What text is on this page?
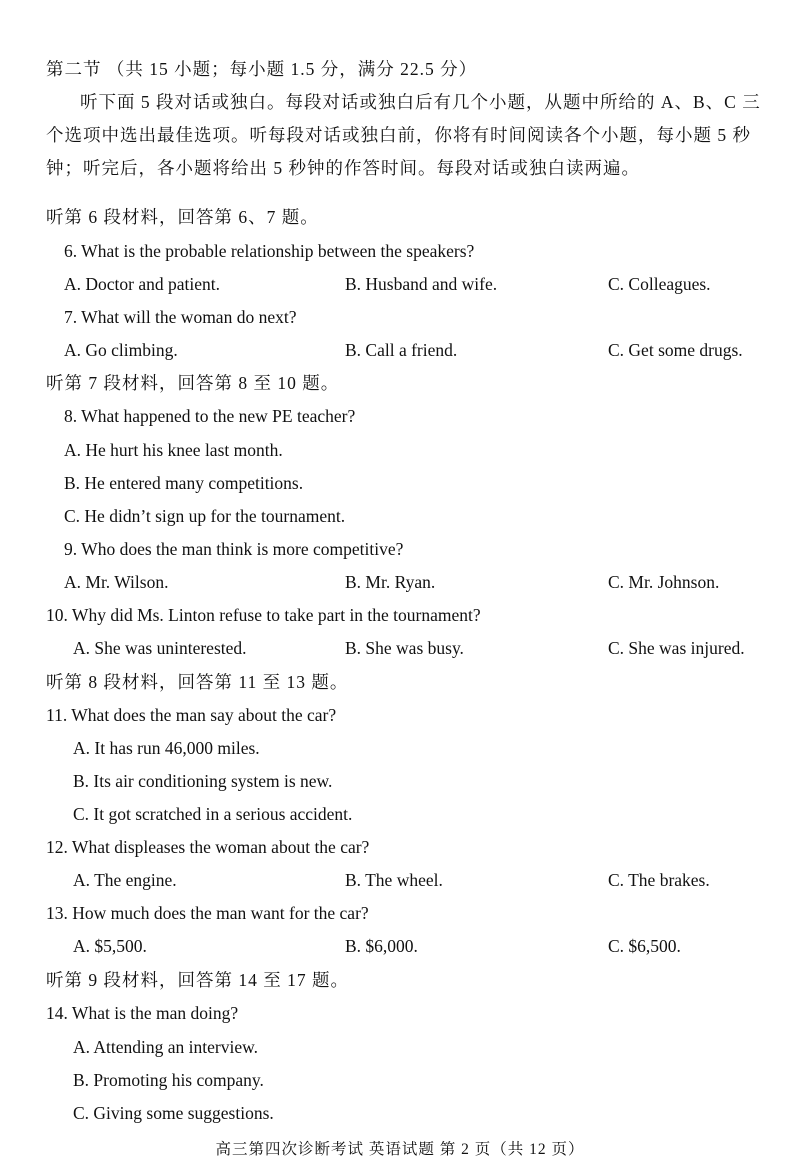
第二节 （共 15 小题；每小题 1.5 分，满分 22.5 分）
听下面 5 段对话或独白。每段对话或独白后有几个小题，从题中所给的 A、B、C 三
个选项中选出最佳选项。听每段对话或独白前，你将有时间阅读各个小题，每小题 5 秒
钟；听完后，各小题将给出 5 秒钟的作答时间。每段对话或独白读两遍。
听第 6 段材料，回答第 6、7 题。
6. What is the probable relationship between the speakers?
A. Doctor and patient.	B. Husband and wife.	C. Colleagues.
7. What will the woman do next?
A. Go climbing.	B. Call a friend.	C. Get some drugs.
听第 7 段材料，回答第 8 至 10 题。
8. What happened to the new PE teacher?
A. He hurt his knee last month.
B. He entered many competitions.
C. He didn’t sign up for the tournament.
9. Who does the man think is more competitive?
A. Mr. Wilson.	B. Mr. Ryan.	C. Mr. Johnson.
10. Why did Ms. Linton refuse to take part in the tournament?
A. She was uninterested.	B. She was busy.	C. She was injured.
听第 8 段材料，回答第 11 至 13 题。
11. What does the man say about the car?
A. It has run 46,000 miles.
B. Its air conditioning system is new.
C. It got scratched in a serious accident.
12. What displeases the woman about the car?
A. The engine.	B. The wheel.	C. The brakes.
13. How much does the man want for the car?
A. $5,500.	B. $6,000.	C. $6,500.
听第 9 段材料，回答第 14 至 17 题。
14. What is the man doing?
A. Attending an interview.
B. Promoting his company.
C. Giving some suggestions.
高三第四次诊断考试 英语试题 第 2 页（共 12 页）
